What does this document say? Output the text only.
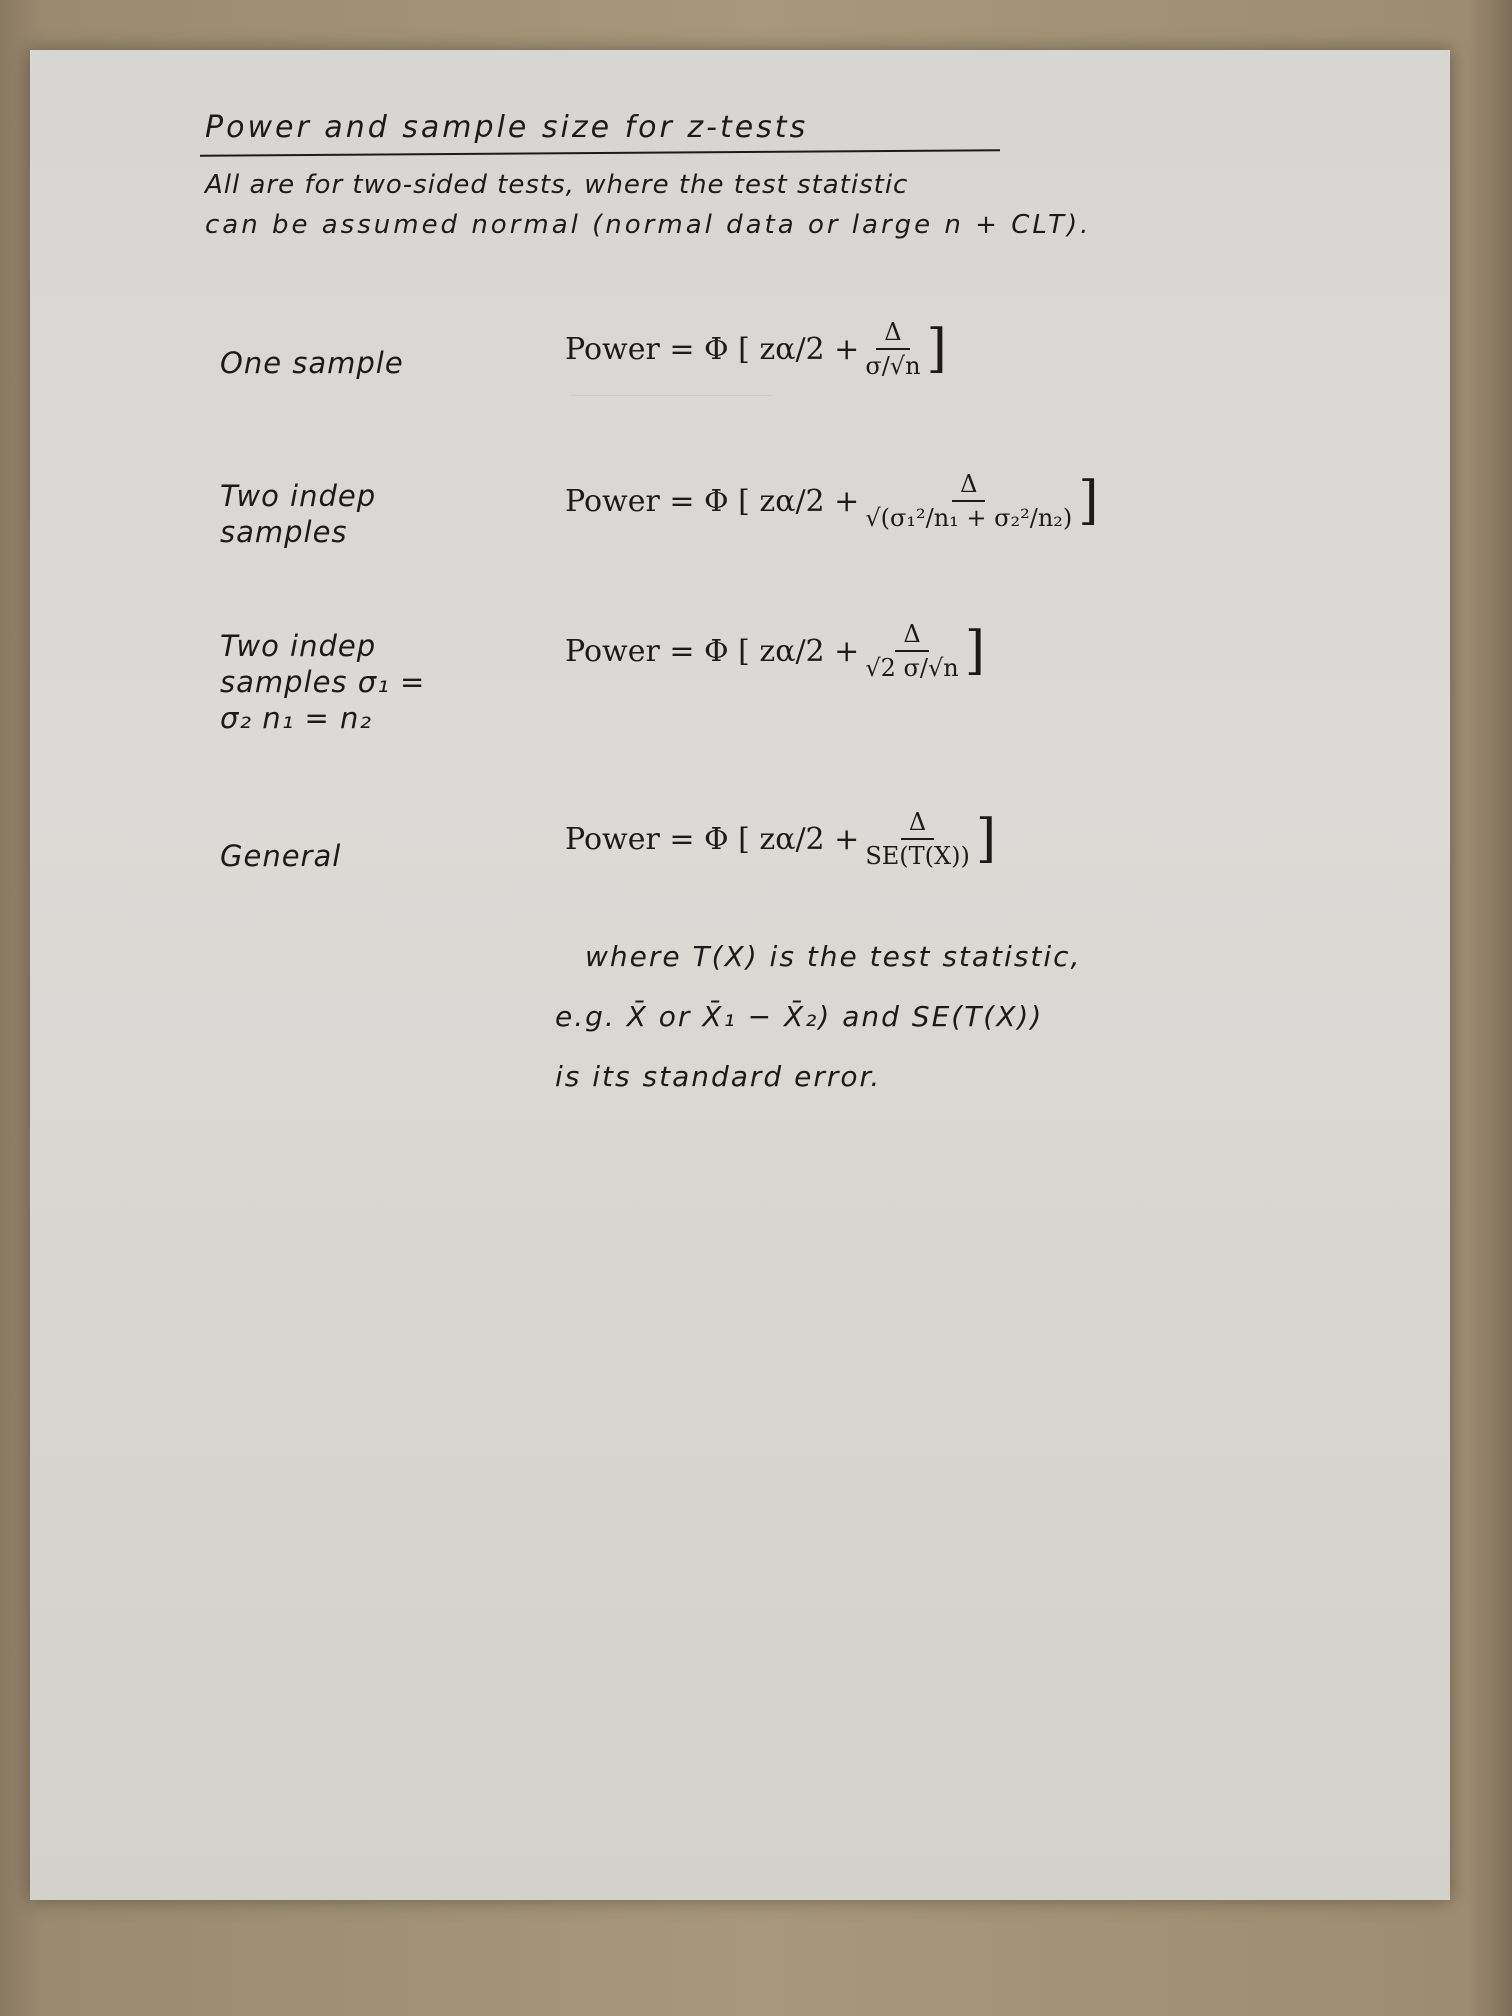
───────────────────
Power and sample size for z-tests
All are for two-sided tests, where the test statistic
can be assumed normal (normal data or large n + CLT).
One sample	Power = Φ [ $z\alpha/2 + \frac{\Delta}{\sigma/√n}$ ]
Two indep samples
Power = Φ [ $z\alpha/2 + \frac{\Delta}{\text{√(σ₁²/n₁ + σ₂²/n₂)}}$ ]
Two indep samples σ₁ = σ₂ n₁ = n₂
Power = Φ [ $z\alpha/2 + \frac{\Delta}{√2 \sigma/√n}$ ]
General	Power = Φ [ $z\alpha/2 + \frac{\Delta}{SE(T(X))}$ ]
where T(X) is the test statistic,
e.g. X̄ or X̄₁ − X̄₂) and SE(T(X))
is its standard error.
